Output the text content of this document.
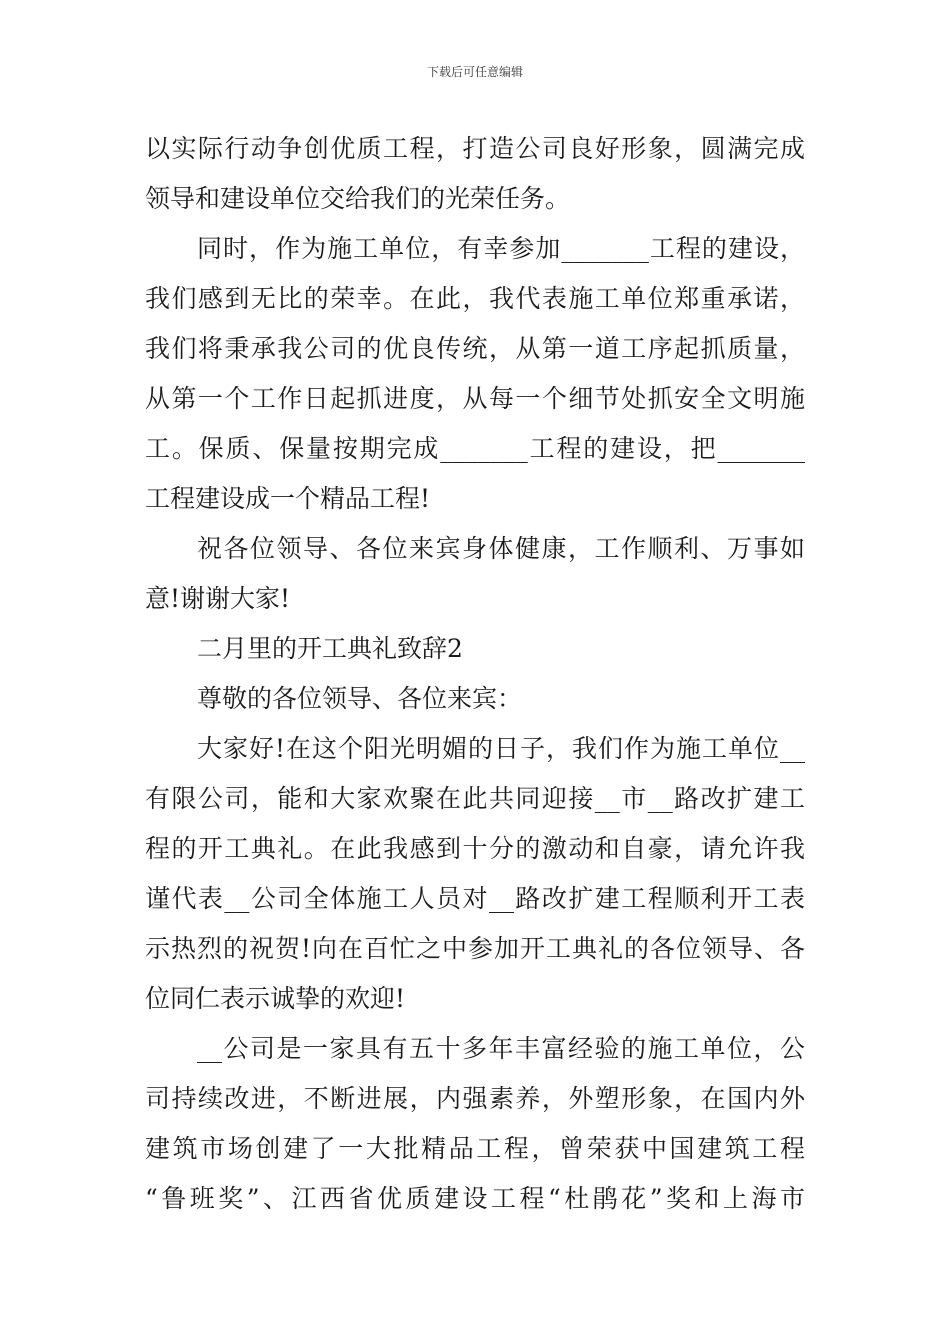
下载后可任意编辑
以实际行动争创优质工程，打造公司良好形象，圆满完成
领导和建设单位交给我们的光荣任务。
同时，作为施工单位，有幸参加_______工程的建设，
我们感到无比的荣幸。在此，我代表施工单位郑重承诺，
我们将秉承我公司的优良传统，从第一道工序起抓质量，
从第一个工作日起抓进度，从每一个细节处抓安全文明施
工。保质、保量按期完成_______工程的建设，把_______
工程建设成一个精品工程!
祝各位领导、各位来宾身体健康，工作顺利、万事如
意!谢谢大家!
二月里的开工典礼致辞2
尊敬的各位领导、各位来宾：
大家好!在这个阳光明媚的日子，我们作为施工单位__
有限公司，能和大家欢聚在此共同迎接__市__路改扩建工
程的开工典礼。在此我感到十分的激动和自豪，请允许我
谨代表__公司全体施工人员对__路改扩建工程顺利开工表
示热烈的祝贺!向在百忙之中参加开工典礼的各位领导、各
位同仁表示诚挚的欢迎!
__公司是一家具有五十多年丰富经验的施工单位，公
司持续改进，不断进展，内强素养，外塑形象，在国内外
建筑市场创建了一大批精品工程，曾荣获中国建筑工程
“鲁班奖”、江西省优质建设工程“杜鹃花”奖和上海市
